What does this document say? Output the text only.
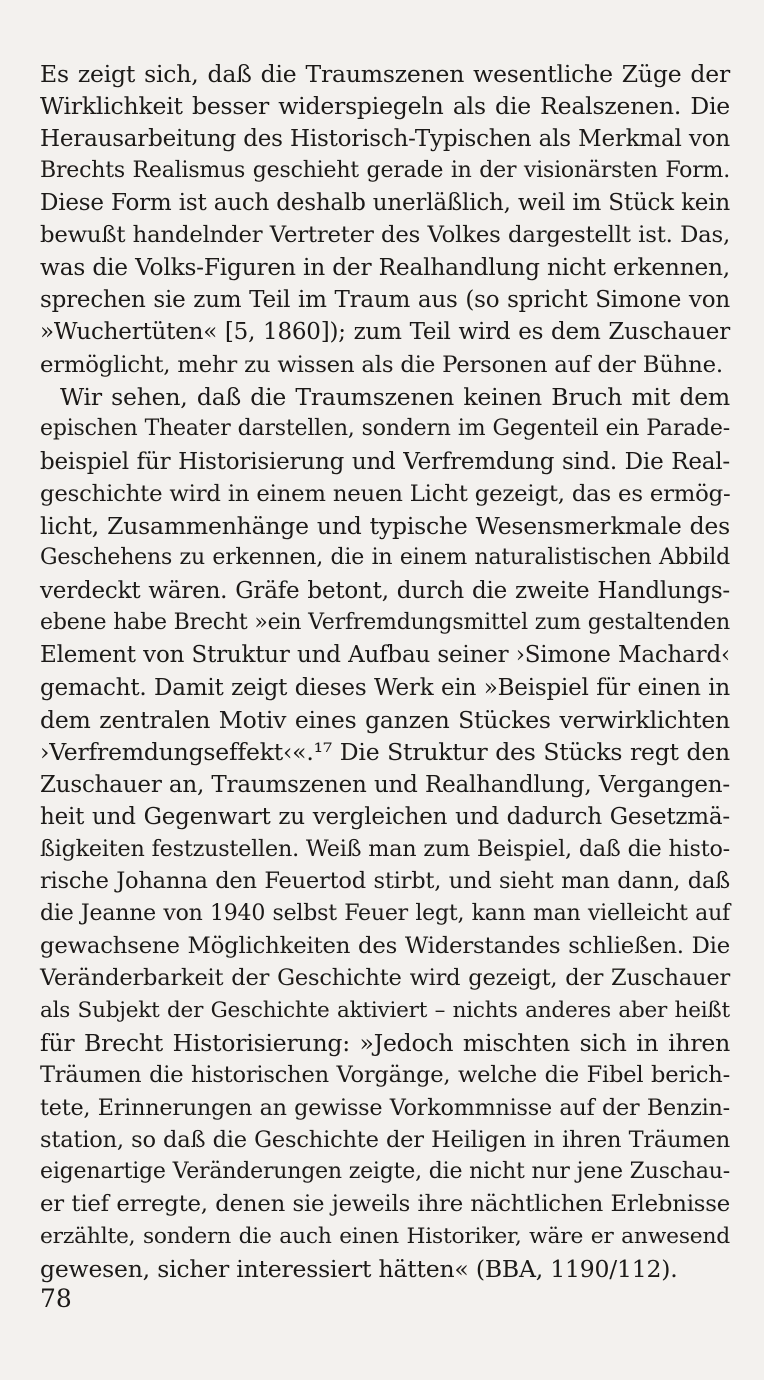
Es zeigt sich, daß die Traumszenen wesentliche Züge der
Wirklichkeit besser widerspiegeln als die Realszenen. Die
Herausarbeitung des Historisch-Typischen als Merkmal von
Brechts Realismus geschieht gerade in der visionärsten Form.
Diese Form ist auch deshalb unerläßlich, weil im Stück kein
bewußt handelnder Vertreter des Volkes dargestellt ist. Das,
was die Volks-Figuren in der Realhandlung nicht erkennen,
sprechen sie zum Teil im Traum aus (so spricht Simone von
»Wuchertüten« [5, 1860]); zum Teil wird es dem Zuschauer
ermöglicht, mehr zu wissen als die Personen auf der Bühne.
Wir sehen, daß die Traumszenen keinen Bruch mit dem
epischen Theater darstellen, sondern im Gegenteil ein Parade-
beispiel für Historisierung und Verfremdung sind. Die Real-
geschichte wird in einem neuen Licht gezeigt, das es ermög-
licht, Zusammenhänge und typische Wesensmerkmale des
Geschehens zu erkennen, die in einem naturalistischen Abbild
verdeckt wären. Gräfe betont, durch die zweite Handlungs-
ebene habe Brecht »ein Verfremdungsmittel zum gestaltenden
Element von Struktur und Aufbau seiner ›Simone Machard‹
gemacht. Damit zeigt dieses Werk ein »Beispiel für einen in
dem zentralen Motiv eines ganzen Stückes verwirklichten
›Verfremdungseffekt‹«.¹⁷ Die Struktur des Stücks regt den
Zuschauer an, Traumszenen und Realhandlung, Vergangen-
heit und Gegenwart zu vergleichen und dadurch Gesetzmä-
ßigkeiten festzustellen. Weiß man zum Beispiel, daß die histo-
rische Johanna den Feuertod stirbt, und sieht man dann, daß
die Jeanne von 1940 selbst Feuer legt, kann man vielleicht auf
gewachsene Möglichkeiten des Widerstandes schließen. Die
Veränderbarkeit der Geschichte wird gezeigt, der Zuschauer
als Subjekt der Geschichte aktiviert – nichts anderes aber heißt
für Brecht Historisierung: »Jedoch mischten sich in ihren
Träumen die historischen Vorgänge, welche die Fibel berich-
tete, Erinnerungen an gewisse Vorkommnisse auf der Benzin-
station, so daß die Geschichte der Heiligen in ihren Träumen
eigenartige Veränderungen zeigte, die nicht nur jene Zuschau-
er tief erregte, denen sie jeweils ihre nächtlichen Erlebnisse
erzählte, sondern die auch einen Historiker, wäre er anwesend
gewesen, sicher interessiert hätten« (BBA, 1190/112).
78
